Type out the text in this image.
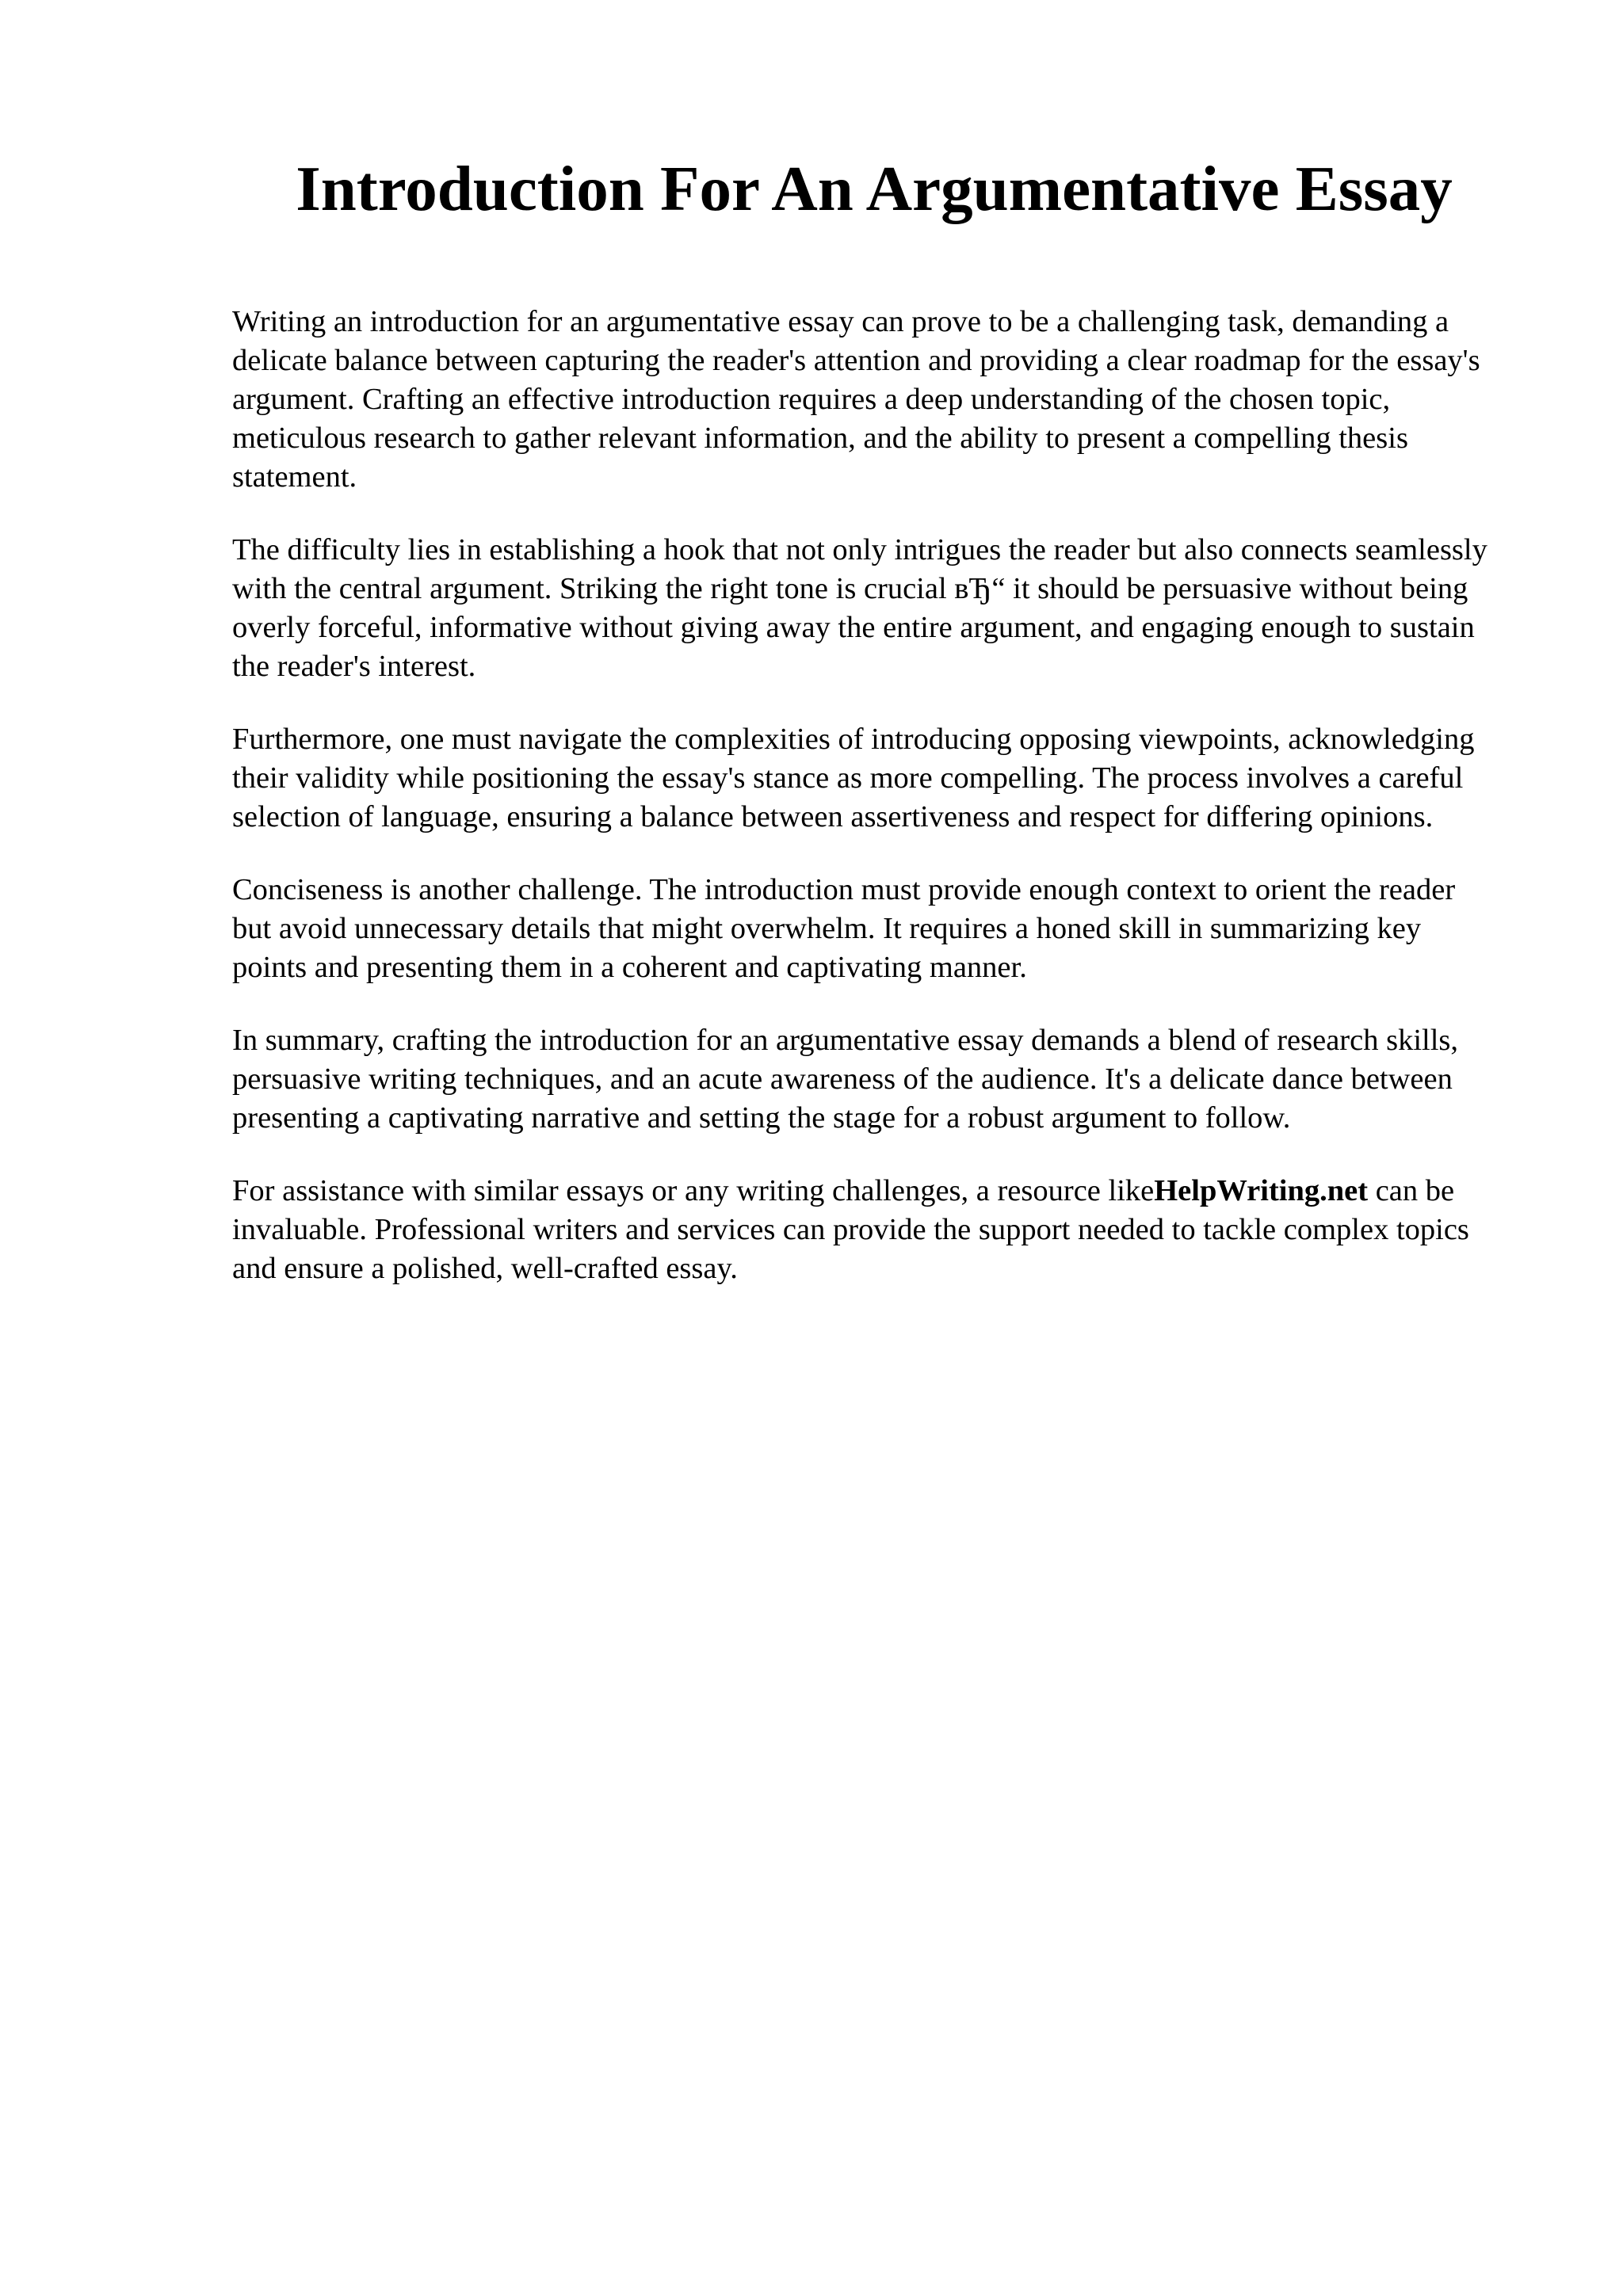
Introduction For An Argumentative Essay

Writing an introduction for an argumentative essay can prove to be a challenging task, demanding a delicate balance between capturing the reader's attention and providing a clear roadmap for the essay's argument. Crafting an effective introduction requires a deep understanding of the chosen topic, meticulous research to gather relevant information, and the ability to present a compelling thesis statement.

The difficulty lies in establishing a hook that not only intrigues the reader but also connects seamlessly with the central argument. Striking the right tone is crucial вЂ“ it should be persuasive without being overly forceful, informative without giving away the entire argument, and engaging enough to sustain the reader's interest.

Furthermore, one must navigate the complexities of introducing opposing viewpoints, acknowledging their validity while positioning the essay's stance as more compelling. The process involves a careful selection of language, ensuring a balance between assertiveness and respect for differing opinions.

Conciseness is another challenge. The introduction must provide enough context to orient the reader but avoid unnecessary details that might overwhelm. It requires a honed skill in summarizing key points and presenting them in a coherent and captivating manner.

In summary, crafting the introduction for an argumentative essay demands a blend of research skills, persuasive writing techniques, and an acute awareness of the audience. It's a delicate dance between presenting a captivating narrative and setting the stage for a robust argument to follow.

For assistance with similar essays or any writing challenges, a resource likeHelpWriting.net can be invaluable. Professional writers and services can provide the support needed to tackle complex topics and ensure a polished, well-crafted essay.
